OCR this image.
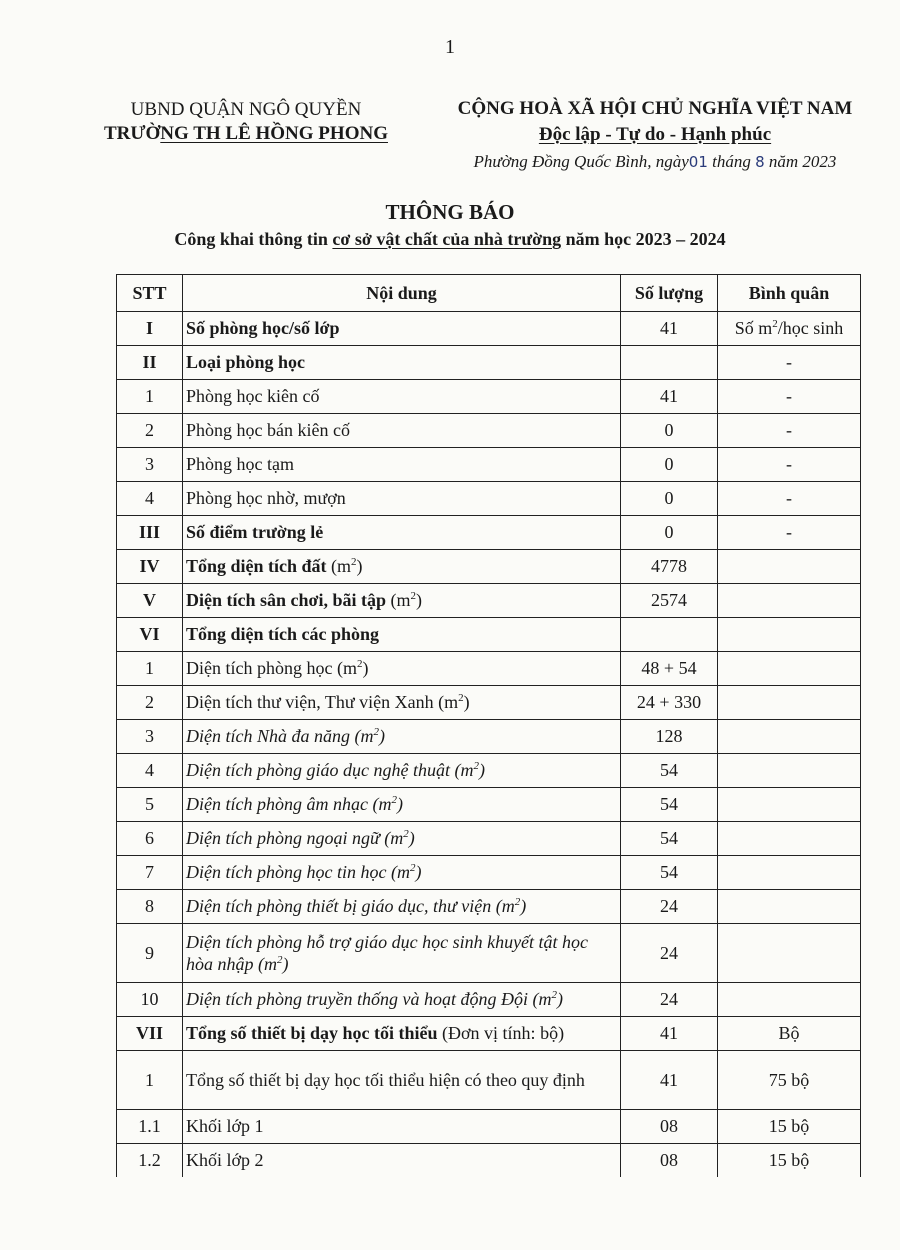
1
UBND QUẬN NGÔ QUYỀN
TRƯỜNG TH LÊ HỒNG PHONG
CỘNG HOÀ XÃ HỘI CHỦ NGHĨA VIỆT NAM
Độc lập - Tự do - Hạnh phúc
Phường Đồng Quốc Bình, ngày01 tháng 8 năm 2023
THÔNG BÁO
Công khai thông tin cơ sở vật chất của nhà trường năm học 2023 – 2024
STT	Nội dung	Số lượng	Bình quân
I	Số phòng học/số lớp	41	Số $m^2$/học sinh
II	Loại phòng học		-
1	Phòng học kiên cố	41	-
2	Phòng học bán kiên cố	0	-
3	Phòng học tạm	0	-
4	Phòng học nhờ, mượn	0	-
III	Số điểm trường lẻ	0	-
IV	Tổng diện tích đất $(m^2)$	4778	
V	Diện tích sân chơi, bãi tập $(m^2)$	2574	
VI	Tổng diện tích các phòng		
1	Diện tích phòng học $(m^2)$	48 + 54	
2	Diện tích thư viện, Thư viện Xanh $(m^2)$	24 + 330	
3	Diện tích Nhà đa năng $(m^2)$	128	
4	Diện tích phòng giáo dục nghệ thuật $(m^2)$	54	
5	Diện tích phòng âm nhạc $(m^2)$	54	
6	Diện tích phòng ngoại ngữ $(m^2)$	54	
7	Diện tích phòng học tin học $(m^2)$	54	
8	Diện tích phòng thiết bị giáo dục, thư viện $(m^2)$	24	
9	Diện tích phòng hỗ trợ giáo dục học sinh khuyết tật học hòa nhập $(m^2)$	24	
10	Diện tích phòng truyền thống và hoạt động Đội $(m^2)$	24	
VII	Tổng số thiết bị dạy học tối thiểu (Đơn vị tính: bộ)	41	Bộ
1	Tổng số thiết bị dạy học tối thiểu hiện có theo quy định	41	75 bộ
1.1	Khối lớp 1	08	15 bộ
1.2	Khối lớp 2	08	15 bộ
